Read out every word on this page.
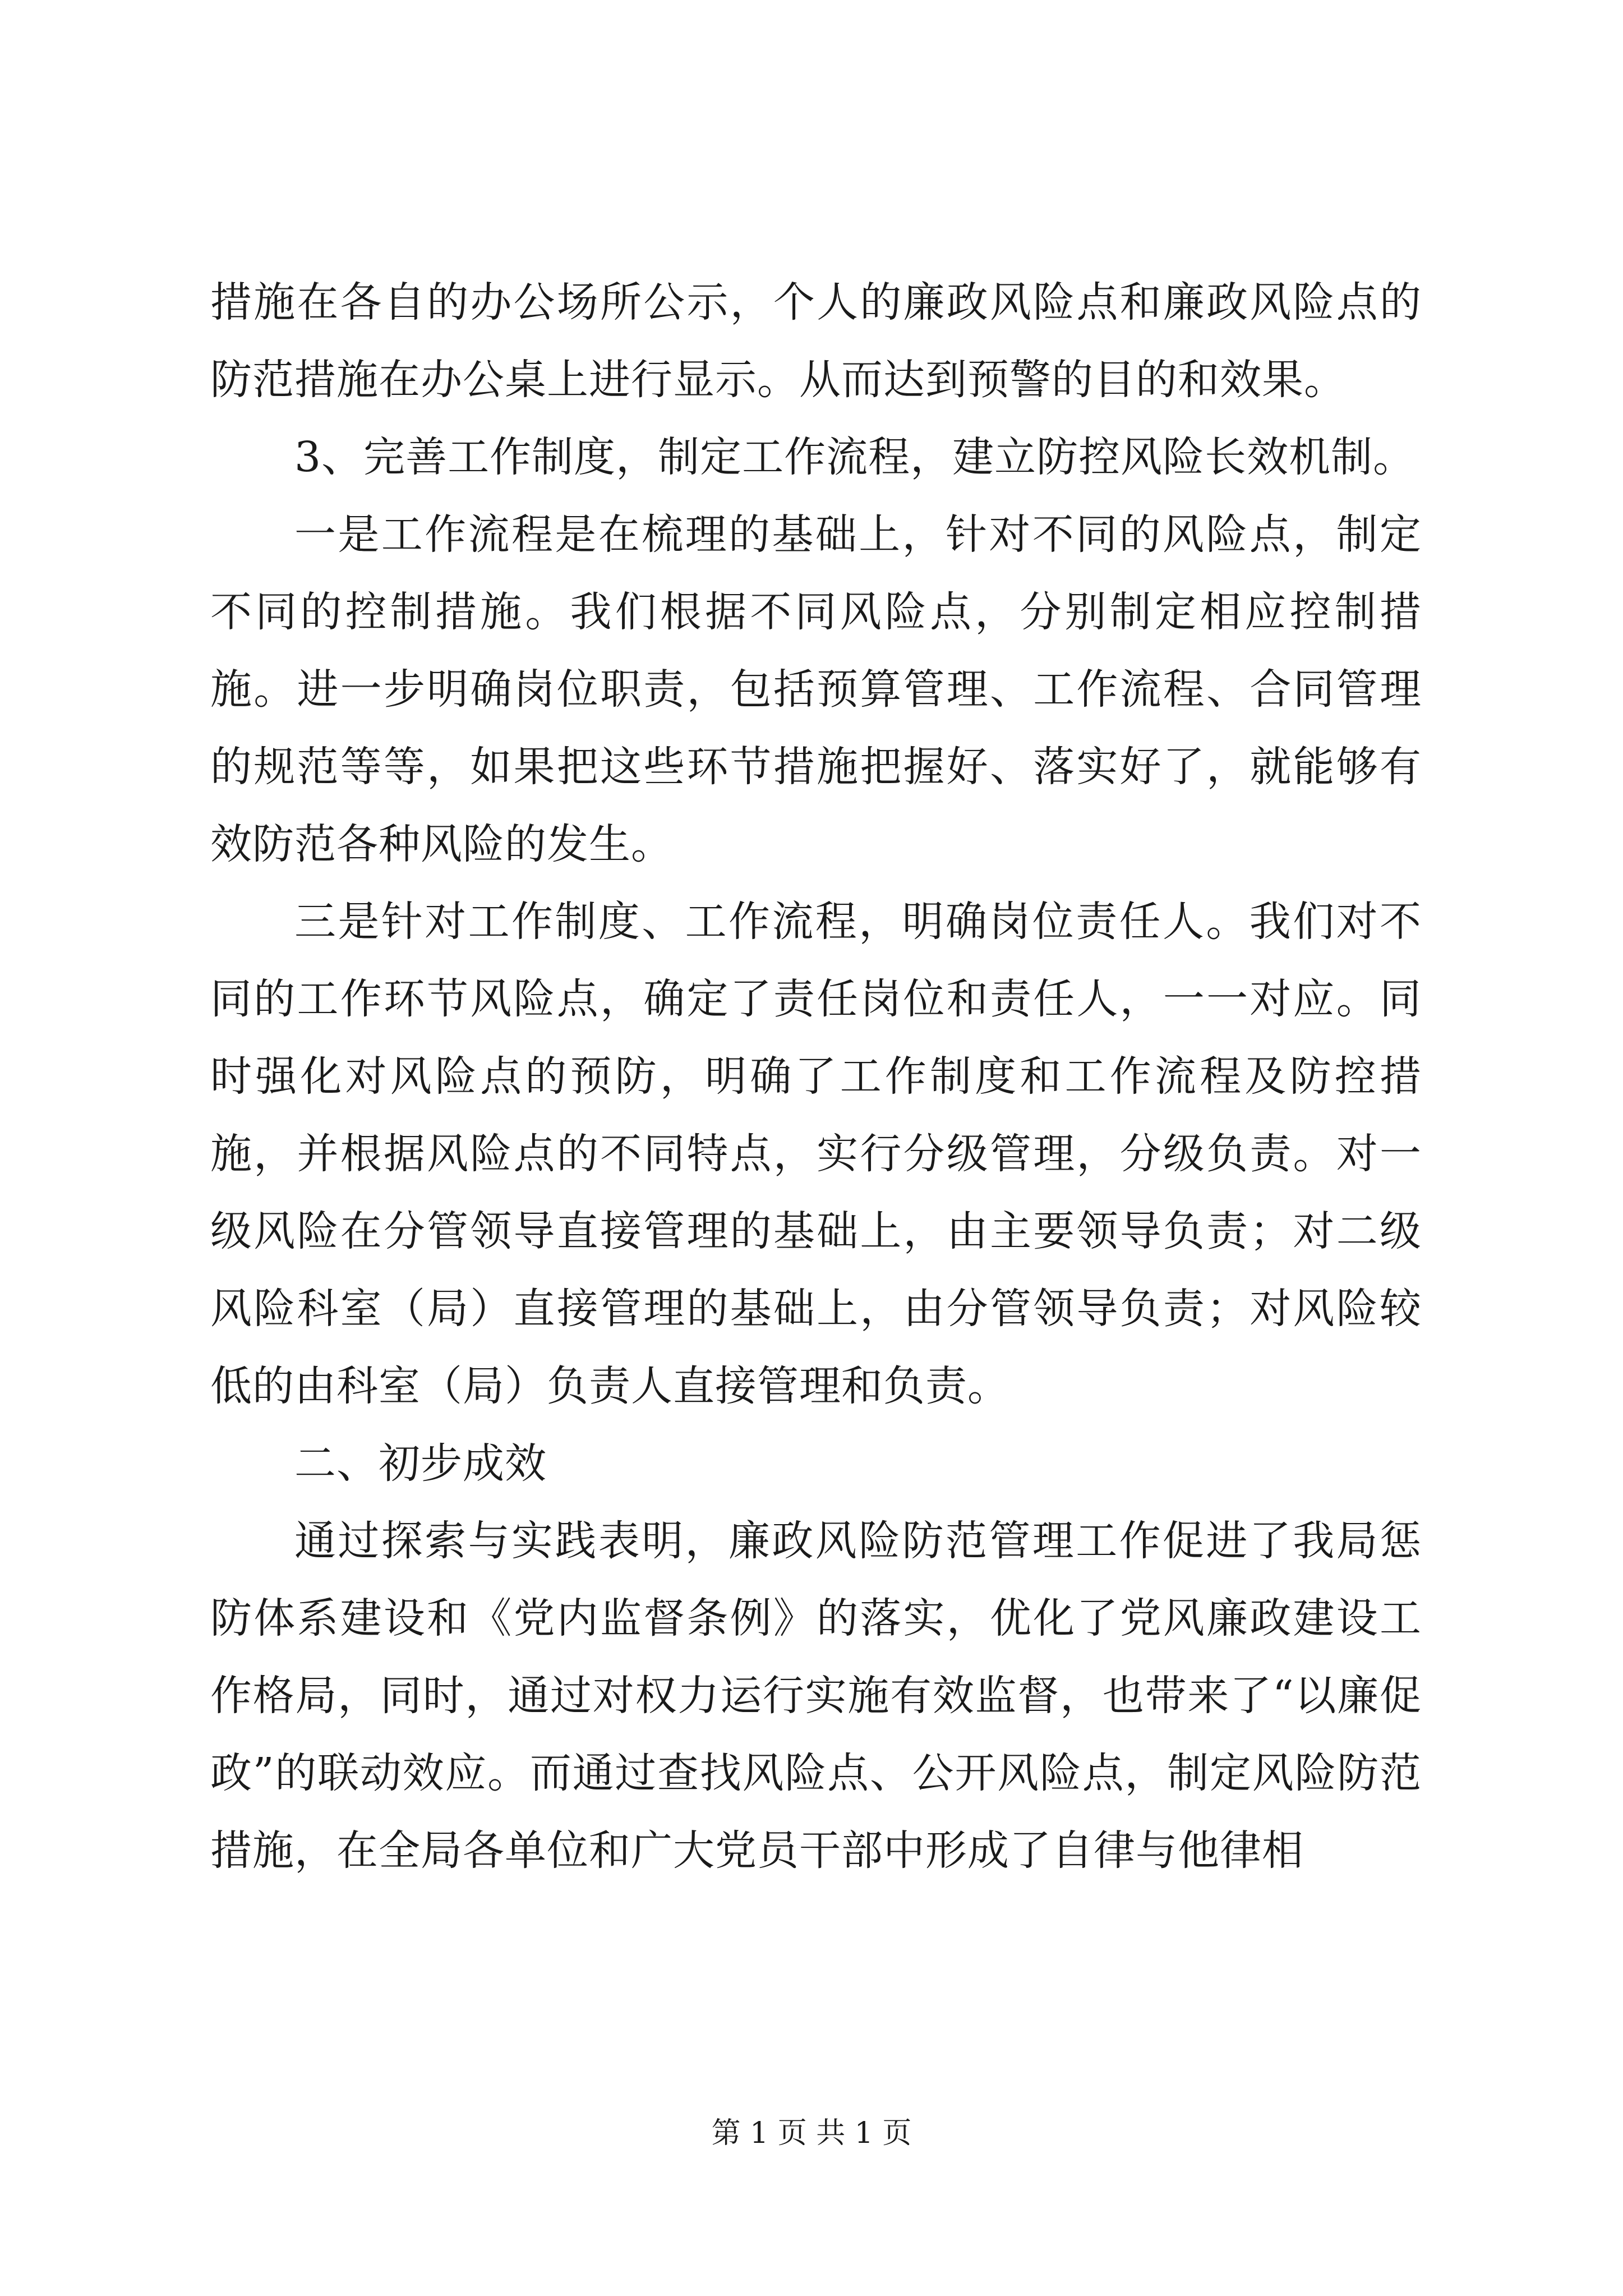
措施在各自的办公场所公示，个人的廉政风险点和廉政风险点的防范措施在办公桌上进行显示。从而达到预警的目的和效果。

3、完善工作制度，制定工作流程，建立防控风险长效机制。

一是工作流程是在梳理的基础上，针对不同的风险点，制定不同的控制措施。我们根据不同风险点，分别制定相应控制措施。进一步明确岗位职责，包括预算管理、工作流程、合同管理的规范等等，如果把这些环节措施把握好、落实好了，就能够有效防范各种风险的发生。

三是针对工作制度、工作流程，明确岗位责任人。我们对不同的工作环节风险点，确定了责任岗位和责任人，一一对应。同时强化对风险点的预防，明确了工作制度和工作流程及防控措施，并根据风险点的不同特点，实行分级管理，分级负责。对一级风险在分管领导直接管理的基础上，由主要领导负责；对二级风险科室（局）直接管理的基础上，由分管领导负责；对风险较低的由科室（局）负责人直接管理和负责。

二、初步成效

通过探索与实践表明，廉政风险防范管理工作促进了我局惩防体系建设和《党内监督条例》的落实，优化了党风廉政建设工作格局，同时，通过对权力运行实施有效监督，也带来了“以廉促政”的联动效应。而通过查找风险点、公开风险点，制定风险防范措施，在全局各单位和广大党员干部中形成了自律与他律相

第 1 页 共 1 页
